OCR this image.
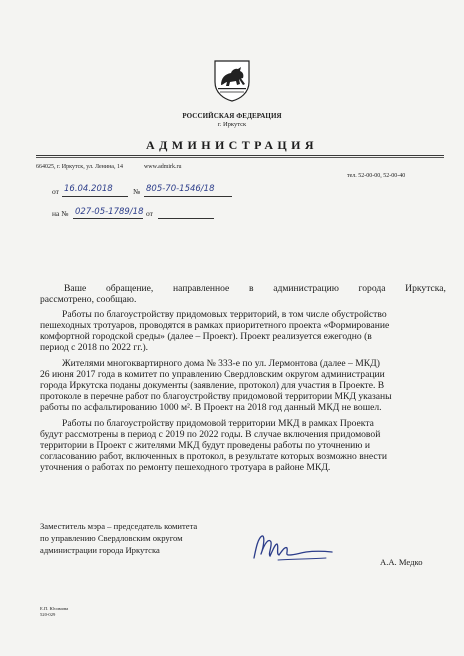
РОССИЙСКАЯ ФЕДЕРАЦИЯ
г. Иркутск
АДМИНИСТРАЦИЯ
664025, г. Иркутск, ул. Ленина, 14	www.admirk.ru
тел. 52-00-00, 52-00-40
от 16.04.2018	№ 805-70-1546/18
на № 027-05-1789/18 от
Ваше обращение, направленное в администрацию города Иркутска,
рассмотрено, сообщаю.
Работы по благоустройству придомовых территорий, в том числе обустройство
пешеходных тротуаров, проводятся в рамках приоритетного проекта «Формирование
комфортной городской среды» (далее – Проект). Проект реализуется ежегодно (в
период с 2018 по 2022 гг.).
Жителями многоквартирного дома № 333-е по ул. Лермонтова (далее – МКД)
26 июня 2017 года в комитет по управлению Свердловским округом администрации
города Иркутска поданы документы (заявление, протокол) для участия в Проекте. В
протоколе в перечне работ по благоустройству придомовой территории МКД указаны
работы по асфальтированию 1000 м². В Проект на 2018 год данный МКД не вошел.
Работы по благоустройству придомовой территории МКД в рамках Проекта
будут рассмотрены в период с 2019 по 2022 годы. В случае включения придомовой
территории в Проект с жителями МКД будут проведены работы по уточнению и
согласованию работ, включенных в протокол, в результате которых возможно внести
уточнения о работах по ремонту пешеходного тротуара в районе МКД.
Заместитель мэра – председатель комитета
по управлению Свердловским округом
администрации города Иркутска
А.А. Медко
Е.П. Юсимова
520-029
